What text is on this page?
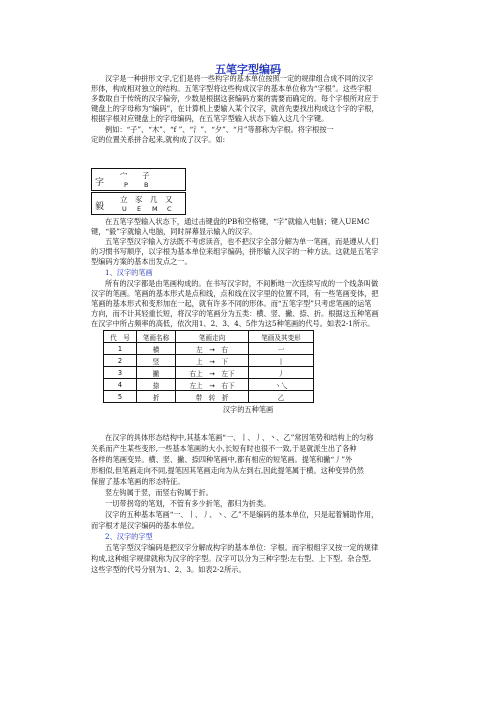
五笔字型编码
汉字是一种拼形文字,它们是将一些构字的基本单位按照一定的规律组合成不同的汉字
形体，构成相对独立的结构。五笔字型将这些构成汉字的基本单位称为“字根”。这些字根
多数取自于传统的汉字偏旁，少数是根据这套编码方案的需要而确定的。每个字根所对应于
键盘上的字母称为“编码”，在计算机上要输入某个汉字，就首先要找出构成这个字的字根，
根据字根对应键盘上的字母编码，在五笔字型输入状态下输入这几个字键。
例如：“子”、“木”、“f ”、“氵”、“夕”、“月”等都称为字根。将字根按一
定的位置关系拼合起来,就构成了汉字。如:
字
宀 子
P B
毅
立 豕 几 又
U E M C
在五笔字型输入状态下，通过击键盘的PB和空格键，“字”就输入电脑；键入UEMC
键，“毅”字就输入电脑，同时屏幕显示输入的汉字。
五笔字型汉字输入方法既不考虑读音，也不把汉字全部分解为单一笔画，而是遵从人们
的习惯书写顺序，以字根为基本单位来组字编码，拼形输入汉字的一种方法。这就是五笔字
型编码方案的基本出发点之一。
1、汉字的笔画
所有的汉字都是由笔画构成的。在书写汉字时，不间断地一次连续写成的一个线条叫做
汉字的笔画。笔画的基本形式是点和线，点和线在汉字里的位置不同，有一些笔画变体，把
笔画的基本形式和变形加在一起，就有许多不同的形体。而“五笔字型”只考虑笔画的运笔
方向，而不计其轻重长短，将汉字的笔画分为五类：横、竖、撇、捺、折。根据这五种笔画
在汉字中所占频率的高低，依次用1、2、3、4、5作为这5种笔画的代号。如表2-1所示。
代　号	笔画名称	笔画走向	笔画及其变形
1	横	左　→　右	一
2	竖	上　→　下	丨
3	撇	右上　→　左下	丿
4	捺	左上　→　右下	丶乀
5	折	带　转　折	乙
汉字的五种笔画
在汉字的具体形态结构中,其基本笔画“一、丨、丿、丶、乙”常因笔势和结构上的匀称
关系而产生某些变形,一些基本笔画的大小,长短有时也很不一致,于是就派生出了各种
各样的笔画变异。横、竖、撇、捺四种笔画中,都有相应的短笔画。提笔和撇“丿”外
形相似,但笔画走向不同,提笔因其笔画走向为从左到右,因此提笔属于横。这种变异仍然
保留了基本笔画的形态特征。
竖左钩属于竖，而竖右钩属于折。
一切带拐弯的笔划，不管有多少折笔，都归为折类。
汉字的五种基本笔画“一、丨、丿、丶、乙”不是编码的基本单位，只是起着辅助作用，
而字根才是汉字编码的基本单位。
2、汉字的字型
五笔字型汉字编码是把汉字分解成构字的基本单位：字根。而字根组字又按一定的规律
构成,这种组字规律就称为汉字的字型。汉字可以分为三种字型:左右型、上下型、杂合型,
这些字型的代号分别为1、2、3。如表2-2所示。
